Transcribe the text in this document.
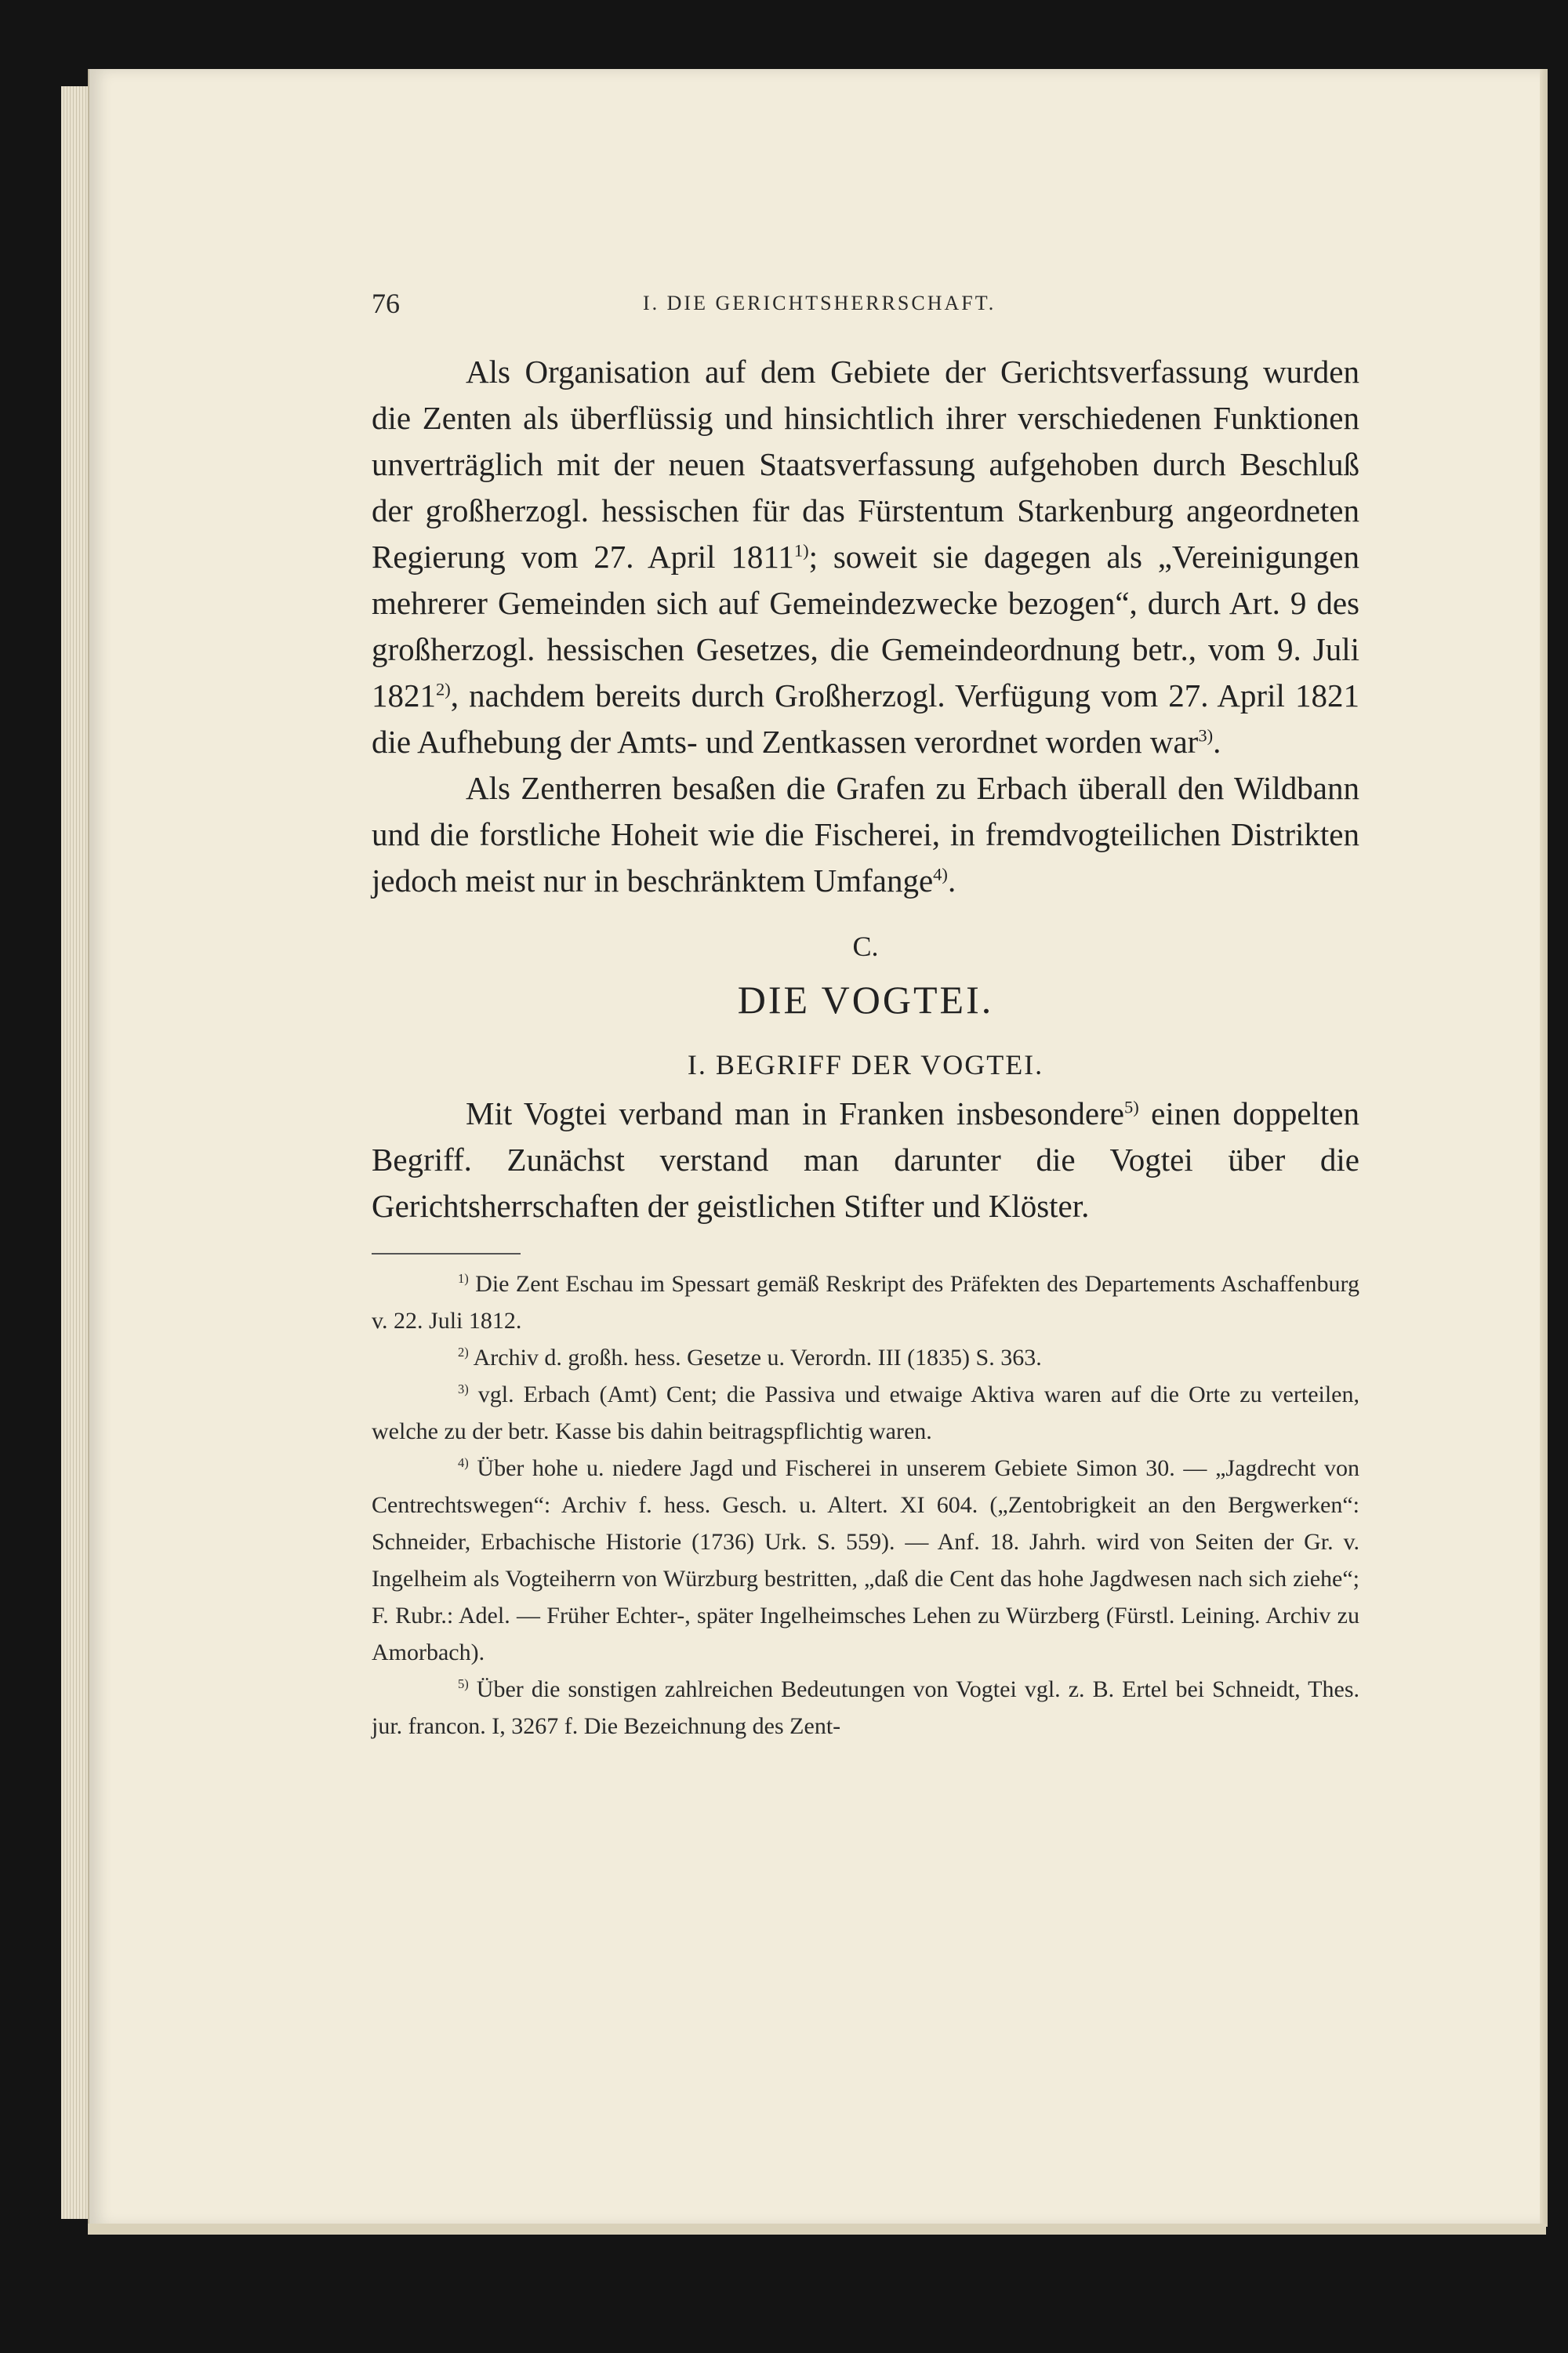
76	I. DIE GERICHTSHERRSCHAFT.

Als Organisation auf dem Gebiete der Gerichtsverfassung wurden die Zenten als überflüssig und hinsichtlich ihrer verschiedenen Funktionen unverträglich mit der neuen Staatsverfassung aufgehoben durch Beschluß der großherzogl. hessischen für das Fürstentum Starkenburg angeordneten Regierung vom 27. April 1811$^{1)}$; soweit sie dagegen als „Vereinigungen mehrerer Gemeinden sich auf Gemeindezwecke bezogen“, durch Art. 9 des großherzogl. hessischen Gesetzes, die Gemeindeordnung betr., vom 9. Juli 1821$^{2)}$, nachdem bereits durch Großherzogl. Verfügung vom 27. April 1821 die Aufhebung der Amts- und Zentkassen verordnet worden war$^{3)}$.

Als Zentherren besaßen die Grafen zu Erbach überall den Wildbann und die forstliche Hoheit wie die Fischerei, in fremdvogteilichen Distrikten jedoch meist nur in beschränktem Umfange$^{4)}$.

C.
DIE VOGTEI.
I. BEGRIFF DER VOGTEI.

Mit Vogtei verband man in Franken insbesondere$^{5)}$ einen doppelten Begriff. Zunächst verstand man darunter die Vogtei über die Gerichtsherrschaften der geistlichen Stifter und Klöster.

$^{1)}$ Die Zent Eschau im Spessart gemäß Reskript des Präfekten des Departements Aschaffenburg v. 22. Juli 1812.

$^{2)}$ Archiv d. großh. hess. Gesetze u. Verordn. III (1835) S. 363.

$^{3)}$ vgl. Erbach (Amt) Cent; die Passiva und etwaige Aktiva waren auf die Orte zu verteilen, welche zu der betr. Kasse bis dahin beitragspflichtig waren.

$^{4)}$ Über hohe u. niedere Jagd und Fischerei in unserem Gebiete Simon 30. — „Jagdrecht von Centrechtswegen“: Archiv f. hess. Gesch. u. Altert. XI 604. („Zentobrigkeit an den Bergwerken“: Schneider, Erbachische Historie (1736) Urk. S. 559). — Anf. 18. Jahrh. wird von Seiten der Gr. v. Ingelheim als Vogteiherrn von Würzburg bestritten, „daß die Cent das hohe Jagdwesen nach sich ziehe“; F. Rubr.: Adel. — Früher Echter-, später Ingelheimsches Lehen zu Würzberg (Fürstl. Leining. Archiv zu Amorbach).

$^{5)}$ Über die sonstigen zahlreichen Bedeutungen von Vogtei vgl. z. B. Ertel bei Schneidt, Thes. jur. francon. I, 3267 f. Die Bezeichnung des Zent-
